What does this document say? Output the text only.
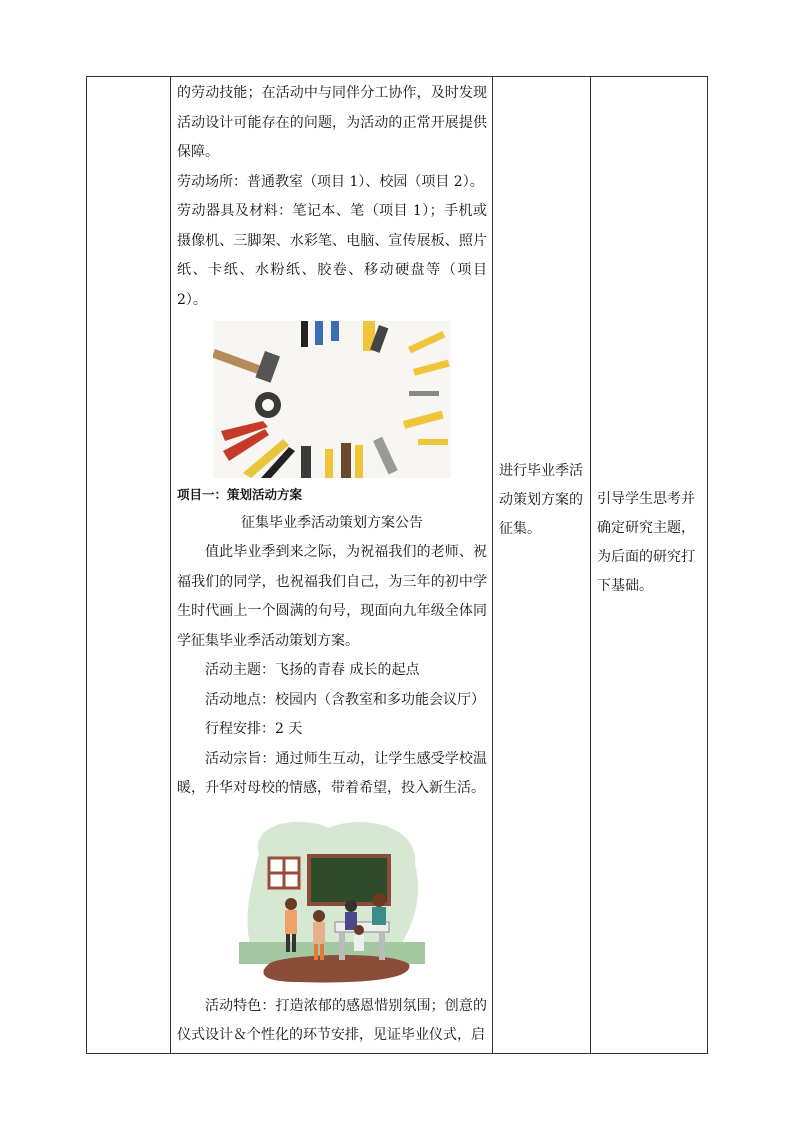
的劳动技能；在活动中与同伴分工协作，及时发现活动设计可能存在的问题，为活动的正常开展提供保障。

劳动场所：普通教室（项目 1）、校园（项目 2）。

劳动器具及材料：笔记本、笔（项目 1）；手机或摄像机、三脚架、水彩笔、电脑、宣传展板、照片纸、卡纸、水粉纸、胶卷、移动硬盘等（项目 2）。

项目一：策划活动方案

征集毕业季活动策划方案公告

值此毕业季到来之际，为祝福我们的老师、祝福我们的同学，也祝福我们自己，为三年的初中学生时代画上一个圆满的句号，现面向九年级全体同学征集毕业季活动策划方案。

活动主题：飞扬的青春 成长的起点

活动地点：校园内（含教室和多功能会议厅）

行程安排：2 天

活动宗旨：通过师生互动，让学生感受学校温暖，升华对母校的情感，带着希望，投入新生活。

活动特色：打造浓郁的感恩惜别氛围；创意的仪式设计＆个性化的环节安排，见证毕业仪式，启

进行毕业季活动策划方案的征集。

引导学生思考并确定研究主题，为后面的研究打下基础。
